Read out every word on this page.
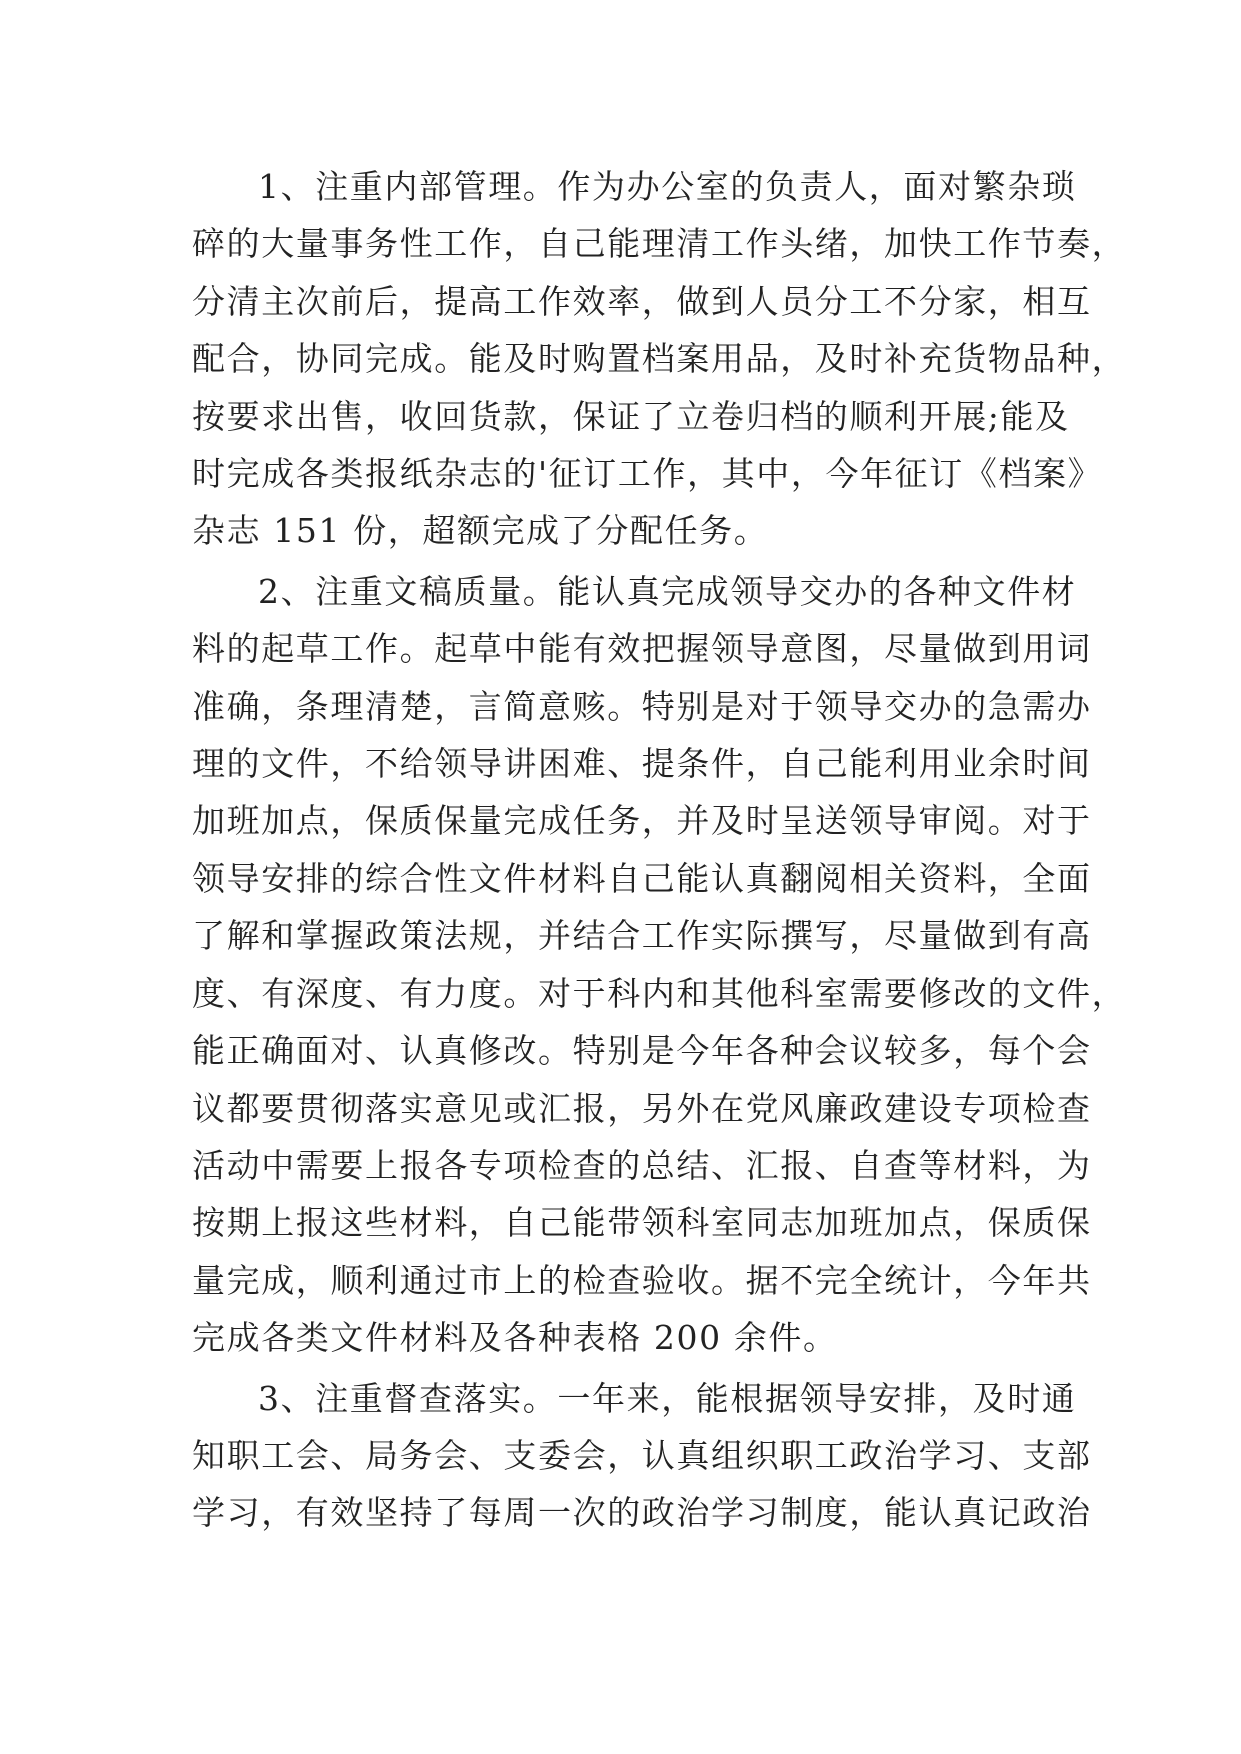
1、注重内部管理。作为办公室的负责人，面对繁杂琐
碎的大量事务性工作，自己能理清工作头绪，加快工作节奏，
分清主次前后，提高工作效率，做到人员分工不分家，相互
配合，协同完成。能及时购置档案用品，及时补充货物品种，
按要求出售，收回货款，保证了立卷归档的顺利开展;能及
时完成各类报纸杂志的'征订工作，其中，今年征订《档案》
杂志 151 份，超额完成了分配任务。
2、注重文稿质量。能认真完成领导交办的各种文件材
料的起草工作。起草中能有效把握领导意图，尽量做到用词
准确，条理清楚，言简意赅。特别是对于领导交办的急需办
理的文件，不给领导讲困难、提条件，自己能利用业余时间
加班加点，保质保量完成任务，并及时呈送领导审阅。对于
领导安排的综合性文件材料自己能认真翻阅相关资料，全面
了解和掌握政策法规，并结合工作实际撰写，尽量做到有高
度、有深度、有力度。对于科内和其他科室需要修改的文件，
能正确面对、认真修改。特别是今年各种会议较多，每个会
议都要贯彻落实意见或汇报，另外在党风廉政建设专项检查
活动中需要上报各专项检查的总结、汇报、自查等材料，为
按期上报这些材料，自己能带领科室同志加班加点，保质保
量完成，顺利通过市上的检查验收。据不完全统计，今年共
完成各类文件材料及各种表格 200 余件。
3、注重督查落实。一年来，能根据领导安排，及时通
知职工会、局务会、支委会，认真组织职工政治学习、支部
学习，有效坚持了每周一次的政治学习制度，能认真记政治
